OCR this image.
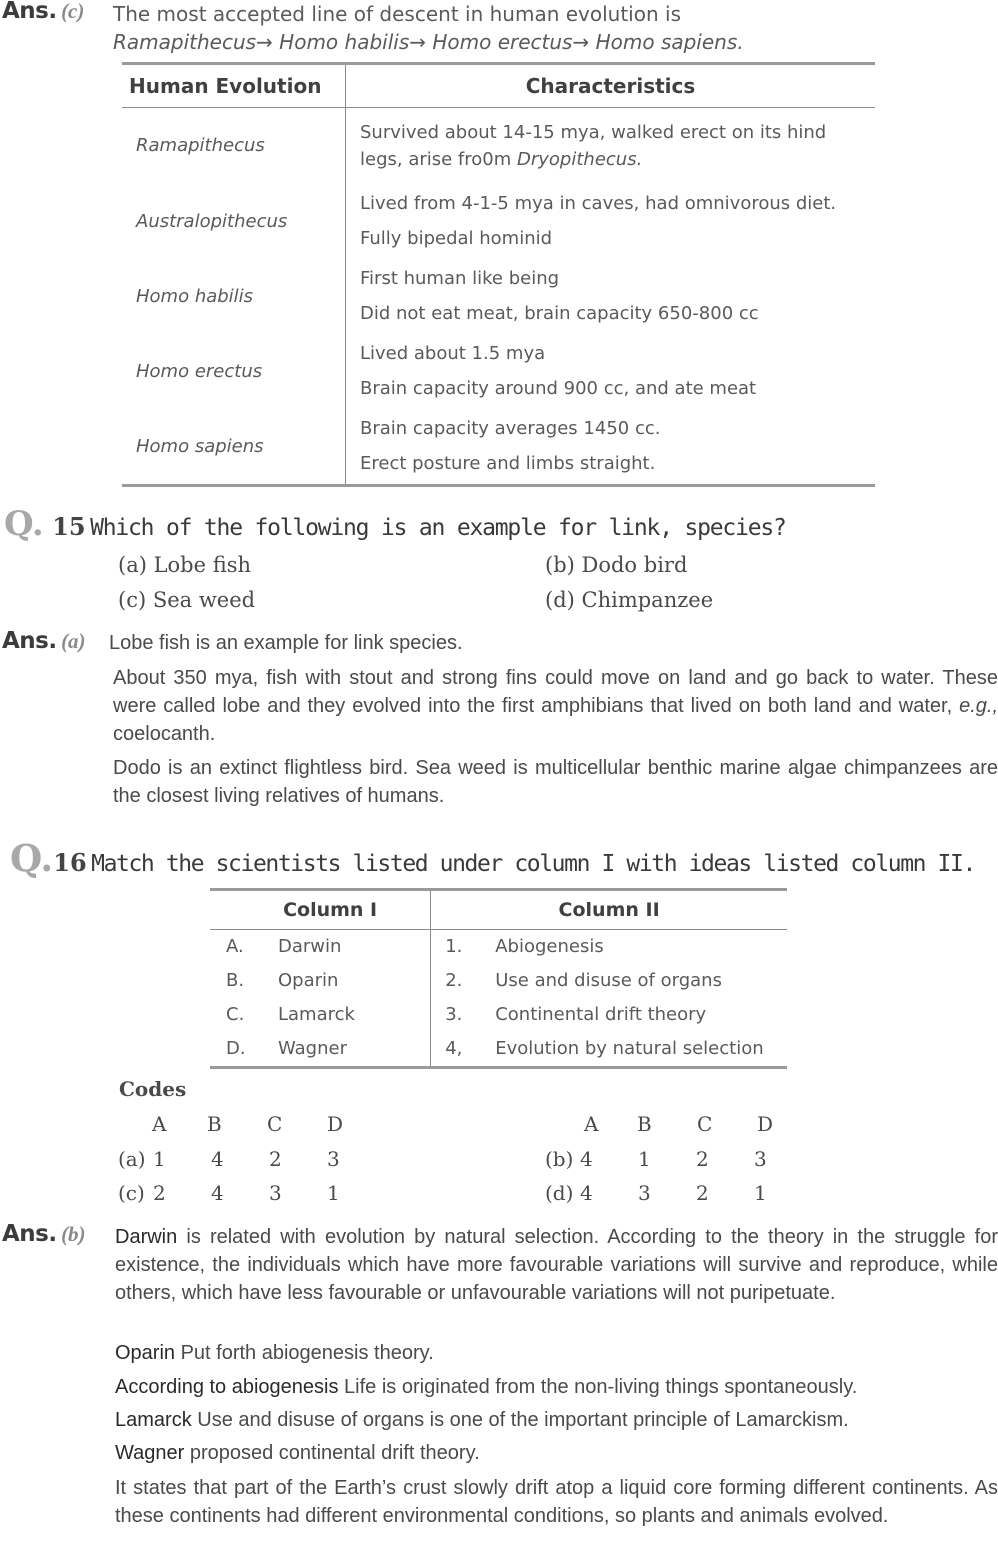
Ans. (c) The most accepted line of descent in human evolution is
Ramapithecus→ Homo habilis→ Homo erectus→ Homo sapiens.
Human Evolution	Characteristics
Ramapithecus	Survived about 14-15 mya, walked erect on its hind
legs, arise fro0m Dryopithecus.

Australopithecus	Lived from 4-1-5 mya in caves, had omnivorous diet.
Fully bipedal hominid

Homo habilis	First human like being
Did not eat meat, brain capacity 650-800 cc

Homo erectus	Lived about 1.5 mya
Brain capacity around 900 cc, and ate meat

Homo sapiens	Brain capacity averages 1450 cc.
Erect posture and limbs straight.
Q. 15 Which of the following is an example for link, species?
(a) Lobe fish	(b) Dodo bird
(c) Sea weed	(d) Chimpanzee
Ans. (a) Lobe fish is an example for link species.
About 350 mya, fish with stout and strong fins could move on land and go back to water. These were called lobe and they evolved into the first amphibians that lived on both land and water, e.g., coelocanth.
Dodo is an extinct flightless bird. Sea weed is multicellular benthic marine algae chimpanzees are the closest living relatives of humans.
Q.16 Match the scientists listed under column I with ideas listed column II.
Column I		Column II	
A.	Darwin	1.	Abiogenesis
B.	Oparin	2.	Use and disuse of organs
C.	Lamarck	3.	Continental drift theory
D.	Wagner	4,	Evolution by natural selection
Codes
A	B	C	D	A	B	C	D
(a) 1	4	2	3	(b) 4	1	2	3
(c) 2	4	3	1	(d) 4	3	2	1
Ans. (b) Darwin is related with evolution by natural selection. According to the theory in the struggle for existence, the individuals which have more favourable variations will survive and reproduce, while others, which have less favourable or unfavourable variations will not puripetuate.
Oparin Put forth abiogenesis theory.
According to abiogenesis Life is originated from the non-living things spontaneously.
Lamarck Use and disuse of organs is one of the important principle of Lamarckism.
Wagner proposed continental drift theory.
It states that part of the Earth’s crust slowly drift atop a liquid core forming different continents. As these continents had different environmental conditions, so plants and animals evolved.
